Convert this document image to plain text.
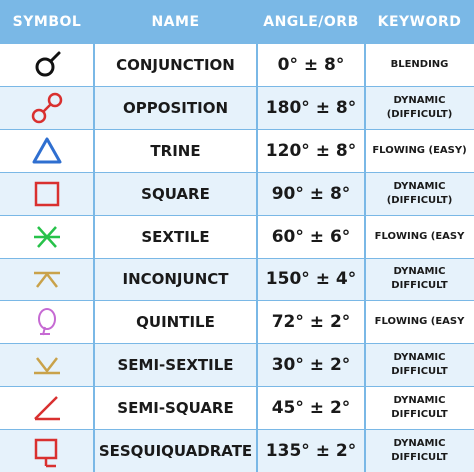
SYMBOL	NAME	ANGLE/ORB	KEYWORD
CONJUNCTION	0° ± 8°	BLENDING
OPPOSITION	180° ± 8°	DYNAMIC
(DIFFICULT)
TRINE	120° ± 8°	FLOWING (EASY)
SQUARE	90° ± 8°	DYNAMIC
(DIFFICULT)
SEXTILE	60° ± 6°	FLOWING (EASY
INCONJUNCT	150° ± 4°	DYNAMIC
DIFFICULT
QUINTILE	72° ± 2°	FLOWING (EASY
SEMI-SEXTILE	30° ± 2°	DYNAMIC
DIFFICULT
SEMI-SQUARE	45° ± 2°	DYNAMIC
DIFFICULT
SESQUIQUADRATE 135° ± 2°	DYNAMIC
DIFFICULT
